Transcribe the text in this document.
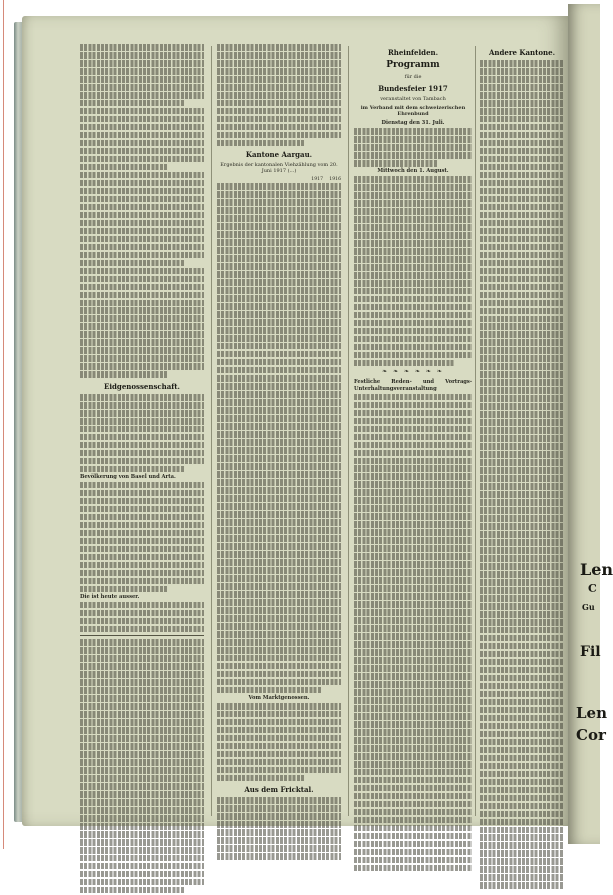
Eidgenossenschaft.

Bevölkerung von Basel und Arta.

Die ist heute ausser.

Kantone Aargau.
Ergebnis der kantonalen Viehzählung vom 20. Juni 1917 (...)
1917	1916

Vom Marktgenossen.

Aus dem Fricktal.
Rheinfelden.
Programm
für die
Bundesfeier 1917
veranstaltet von Tambach
im Verband mit dem schweizerischen Ehrenbund

Dienstag den 31. Juli.

Mittwoch den 1. August.

❧ ❧ ❧ ❧ ❧ ❧

Festliche Reden- und Vortrags-Unterhaltungsveranstaltung

Andere Kantone.
Len
C
Gu
Fil
Len
Cor
